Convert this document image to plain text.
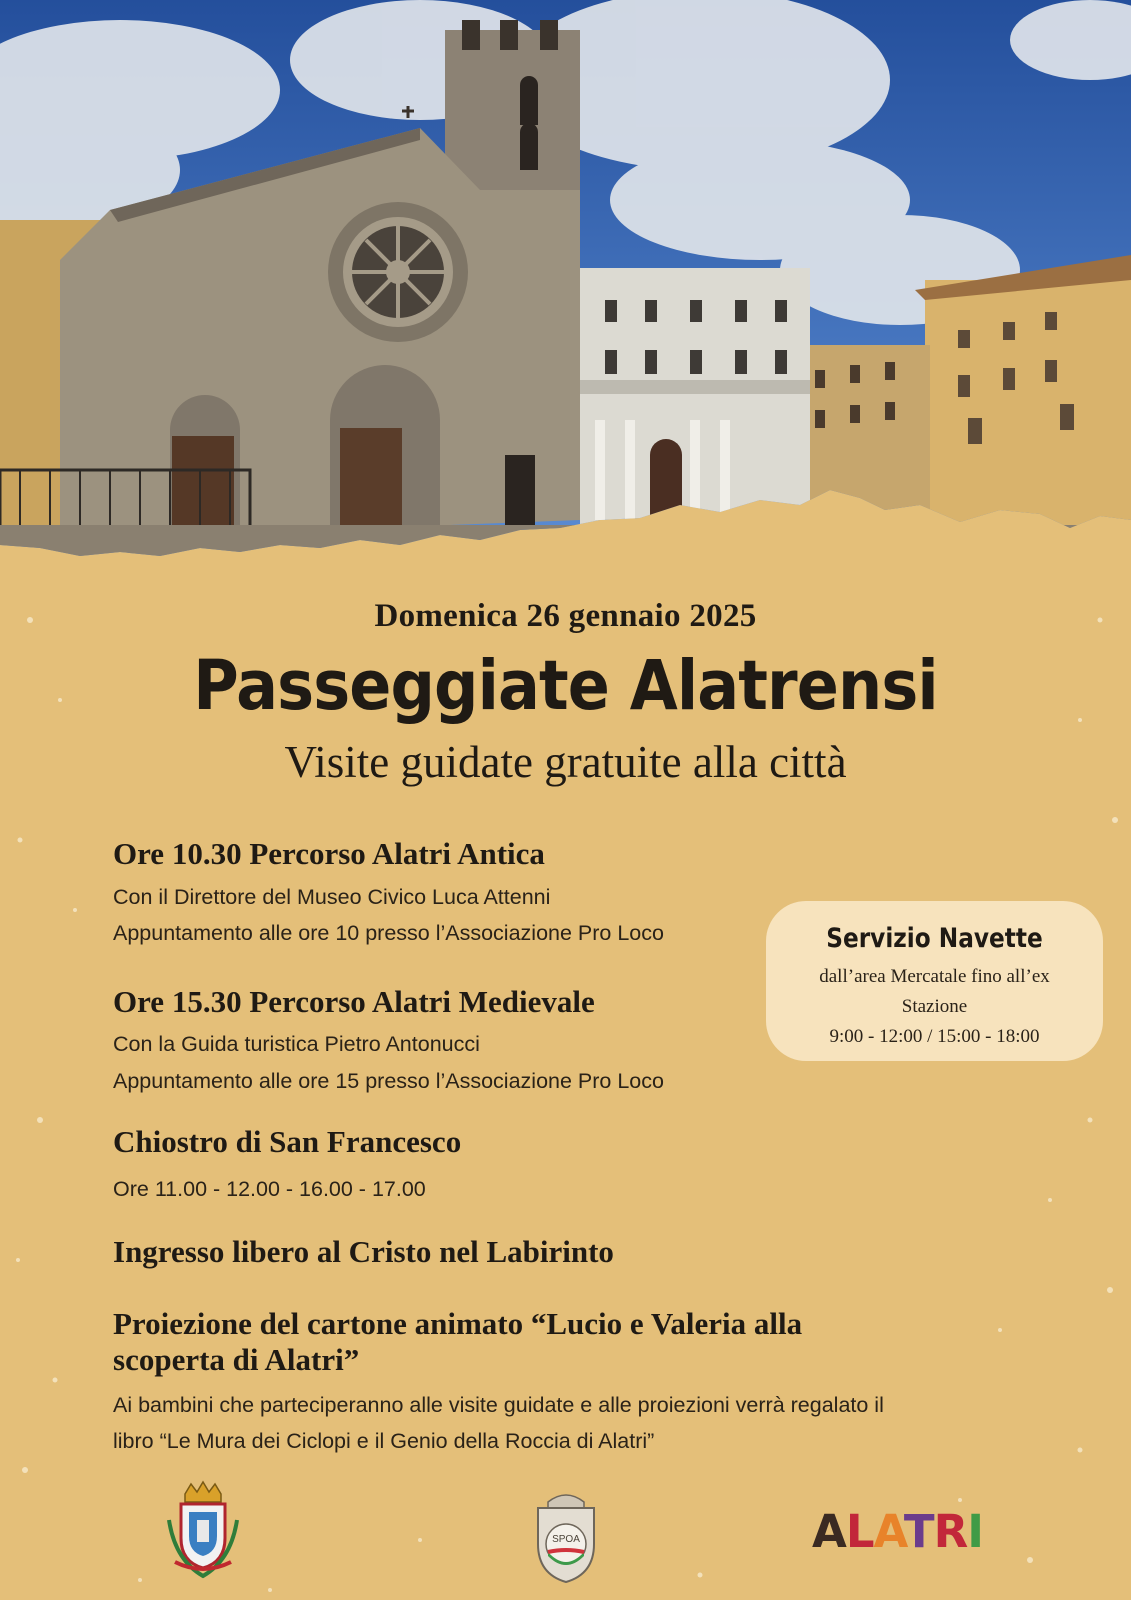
Domenica 26 gennaio 2025
Passeggiate Alatrensi
Visite guidate gratuite alla città
Ore 10.30 Percorso Alatri Antica
Con il Direttore del Museo Civico Luca Attenni
Appuntamento alle ore 10 presso l’Associazione Pro Loco
Ore 15.30 Percorso Alatri Medievale
Con la Guida turistica Pietro Antonucci
Appuntamento alle ore 15 presso l’Associazione Pro Loco
Chiostro di San Francesco
Ore 11.00 - 12.00 - 16.00 - 17.00
Ingresso libero al Cristo nel Labirinto
Proiezione del cartone animato “Lucio e Valeria alla
scoperta di Alatri”
Ai bambini che parteciperanno alle visite guidate e alle proiezioni verrà regalato il
libro “Le Mura dei Ciclopi e il Genio della Roccia di Alatri”
Servizio Navette
dall’area Mercatale fino all’ex Stazione
9:00 - 12:00 / 15:00 - 18:00
SPOA	ALATRI
